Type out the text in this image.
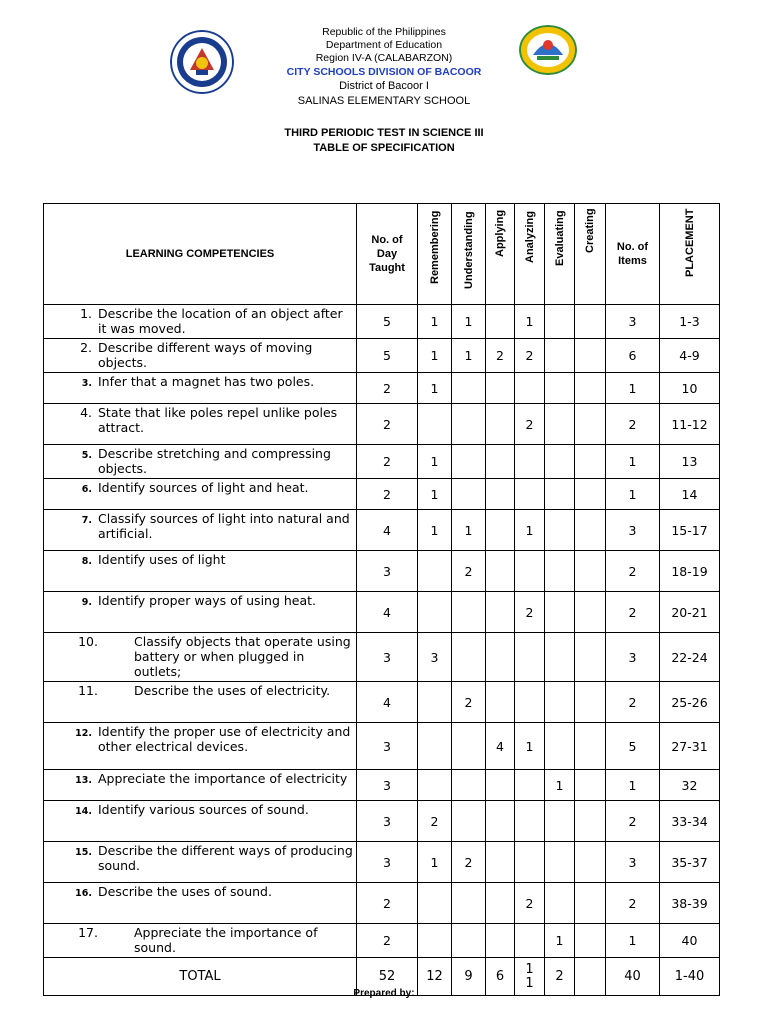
Republic of the Philippines
Department of Education
Region IV-A (CALABARZON)
CITY SCHOOLS DIVISION OF BACOOR
District of Bacoor I
SALINAS ELEMENTARY SCHOOL
THIRD PERIODIC TEST IN SCIENCE III
TABLE OF SPECIFICATION
LEARNING COMPETENCIES	No. of Day Taught	Remembering	Understanding	Applying	Analyzing	Evaluating	Creating	No. of Items	PLACEMENT

1. Describe the location of an object after it was moved.	5	1	1		1			3	1-3

2. Describe different ways of moving objects.	5	1	1	2	2			6	4-9

3. Infer that a magnet has two poles.	2	1						1	10

4. State that like poles repel unlike poles attract.	2				2			2	11-12

5. Describe stretching and compressing objects.	2	1						1	13

6. Identify sources of light and heat.	2	1						1	14

7. Classify sources of light into natural and artificial.	4	1	1		1			3	15-17

8. Identify uses of light	3		2					2	18-19

9. Identify proper ways of using heat.	4				2			2	20-21

10. Classify objects that operate using battery or when plugged in outlets;	3	3						3	22-24

11. Describe the uses of electricity.	4		2					2	25-26

12. Identify the proper use of electricity and other electrical devices.	3			4	1			5	27-31

13. Appreciate the importance of electricity	3					1		1	32

14. Identify various sources of sound.	3	2						2	33-34

15. Describe the different ways of producing sound.	3	1	2					3	35-37

16. Describe the uses of sound.	2				2			2	38-39

17. Appreciate the importance of sound.	2					1		1	40
TOTAL	52	12	9	6	11	2		40	1-40
Prepared by:
